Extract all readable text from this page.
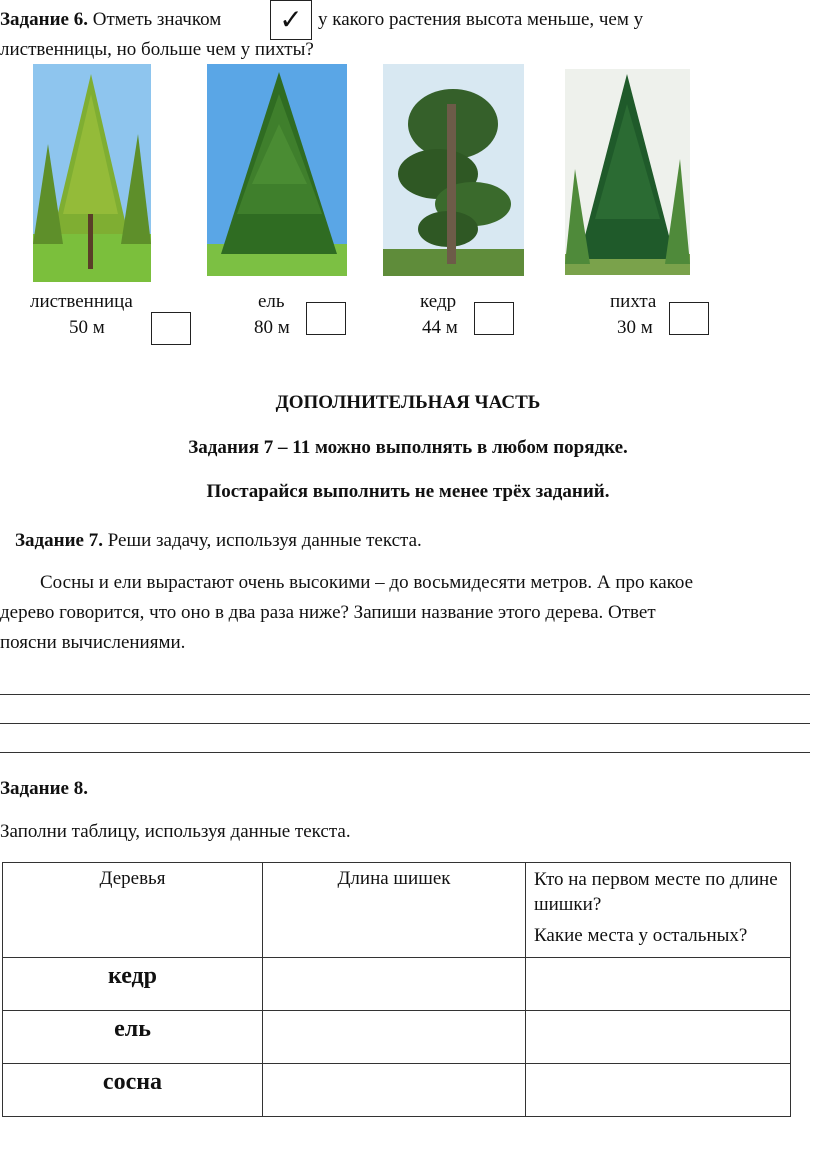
Задание 6. Отметь значком	✓ у какого растения высота меньше, чем у
лиственницы, но больше чем у пихты?
лиственница
50 м
ель
80 м
кедр
44 м
пихта
30 м
ДОПОЛНИТЕЛЬНАЯ ЧАСТЬ
Задания 7 – 11 можно выполнять в любом порядке.
Постарайся выполнить не менее трёх заданий.
Задание 7. Реши задачу, используя данные текста.
Сосны и ели вырастают очень высокими – до восьмидесяти метров. А про какое
дерево говорится, что оно в два раза ниже? Запиши название этого дерева. Ответ
поясни вычислениями.
Задание 8.
Заполни таблицу, используя данные текста.
Деревья	Длина шишек	Кто на первом месте по длине шишки?
Какие места у остальных?

кедр		
ель		
сосна		
